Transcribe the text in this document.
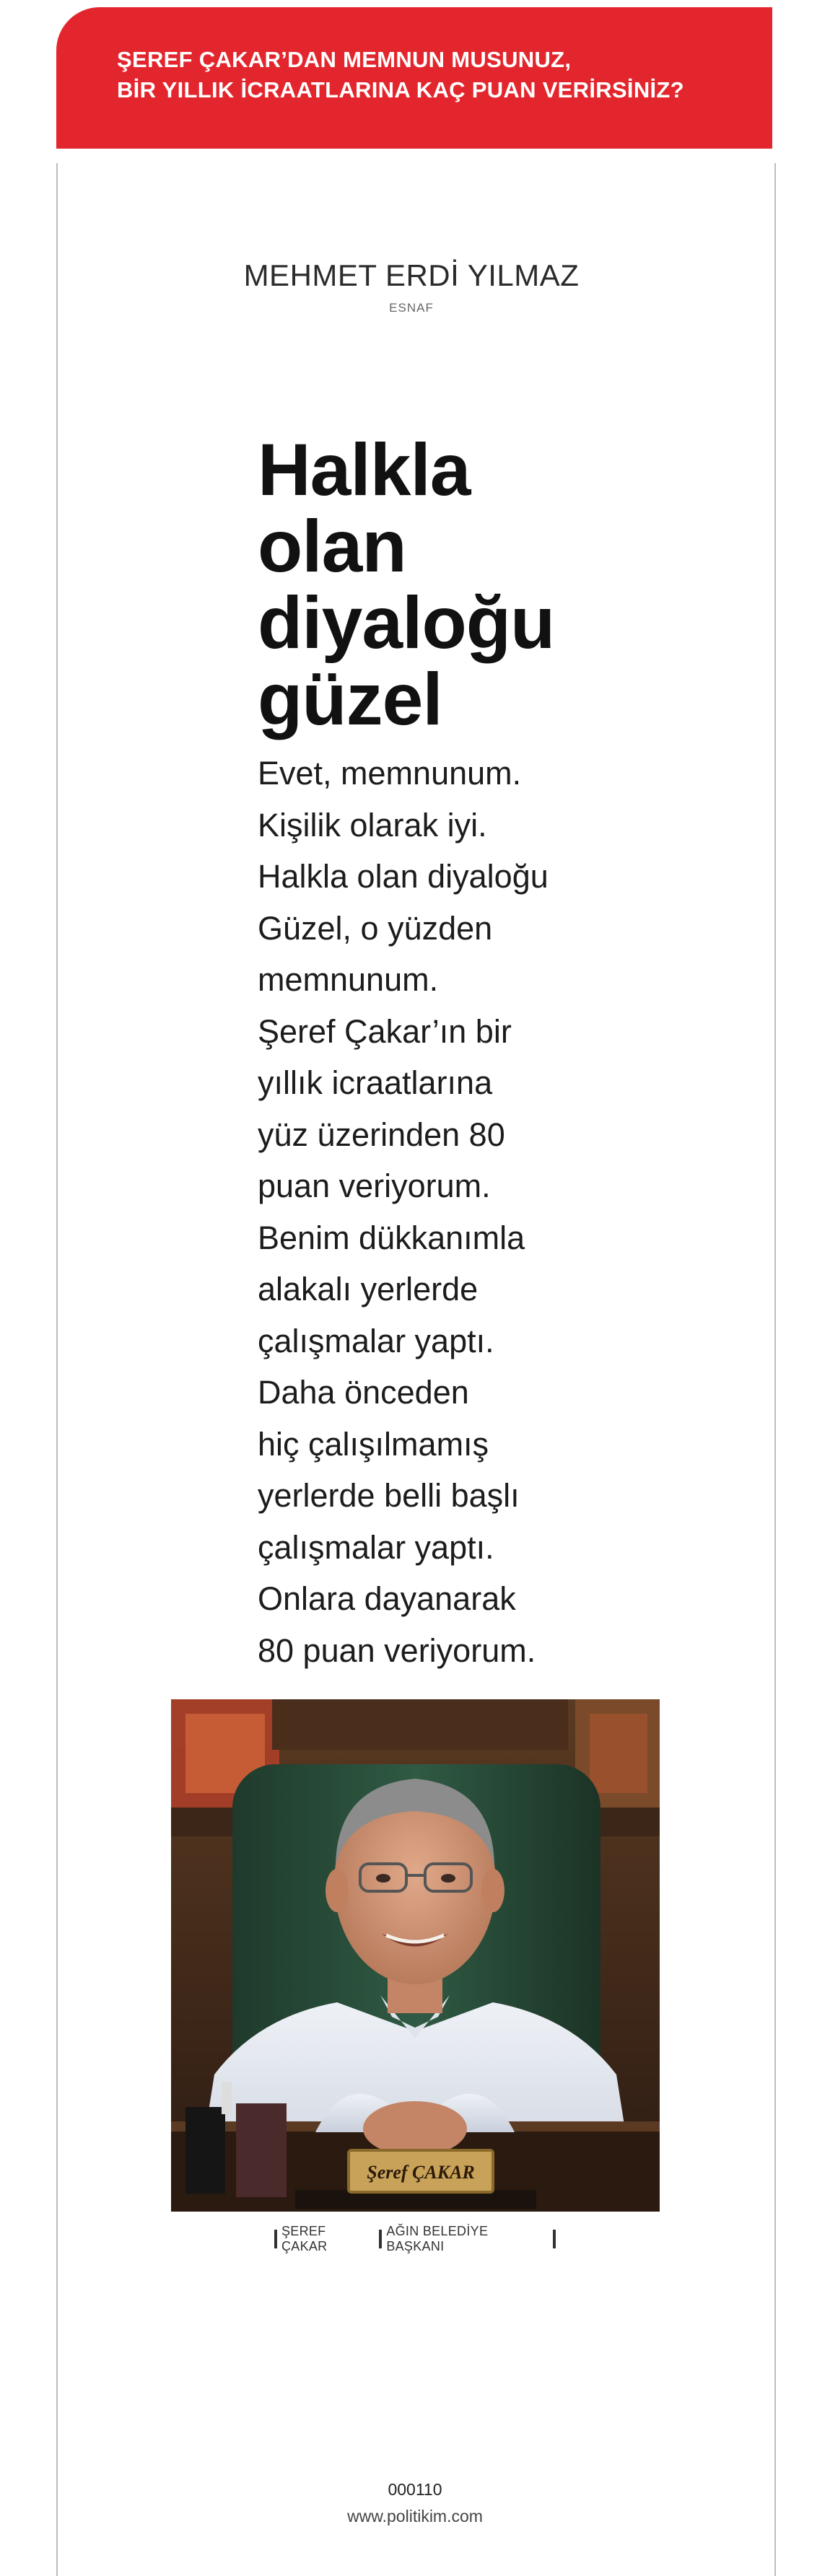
ŞEREF ÇAKAR’DAN MEMNUN MUSUNUZ,
BİR YILLIK İCRAATLARINA KAÇ PUAN VERİRSİNİZ?
MEHMET ERDİ YILMAZ
ESNAF
Halkla
olan
diyaloğu
güzel
Evet, memnunum.
Kişilik olarak iyi.
Halkla olan diyaloğu
Güzel, o yüzden
memnunum.
Şeref Çakar’ın bir
yıllık icraatlarına
yüz üzerinden 80
puan veriyorum.
Benim dükkanımla
alakalı yerlerde
çalışmalar yaptı.
Daha önceden
hiç çalışılmamış
yerlerde belli başlı
çalışmalar yaptı.
Onlara dayanarak
80 puan veriyorum.
Şeref ÇAKAR
ŞEREF ÇAKAR
AĞIN BELEDİYE BAŞKANI
000110
www.politikim.com
